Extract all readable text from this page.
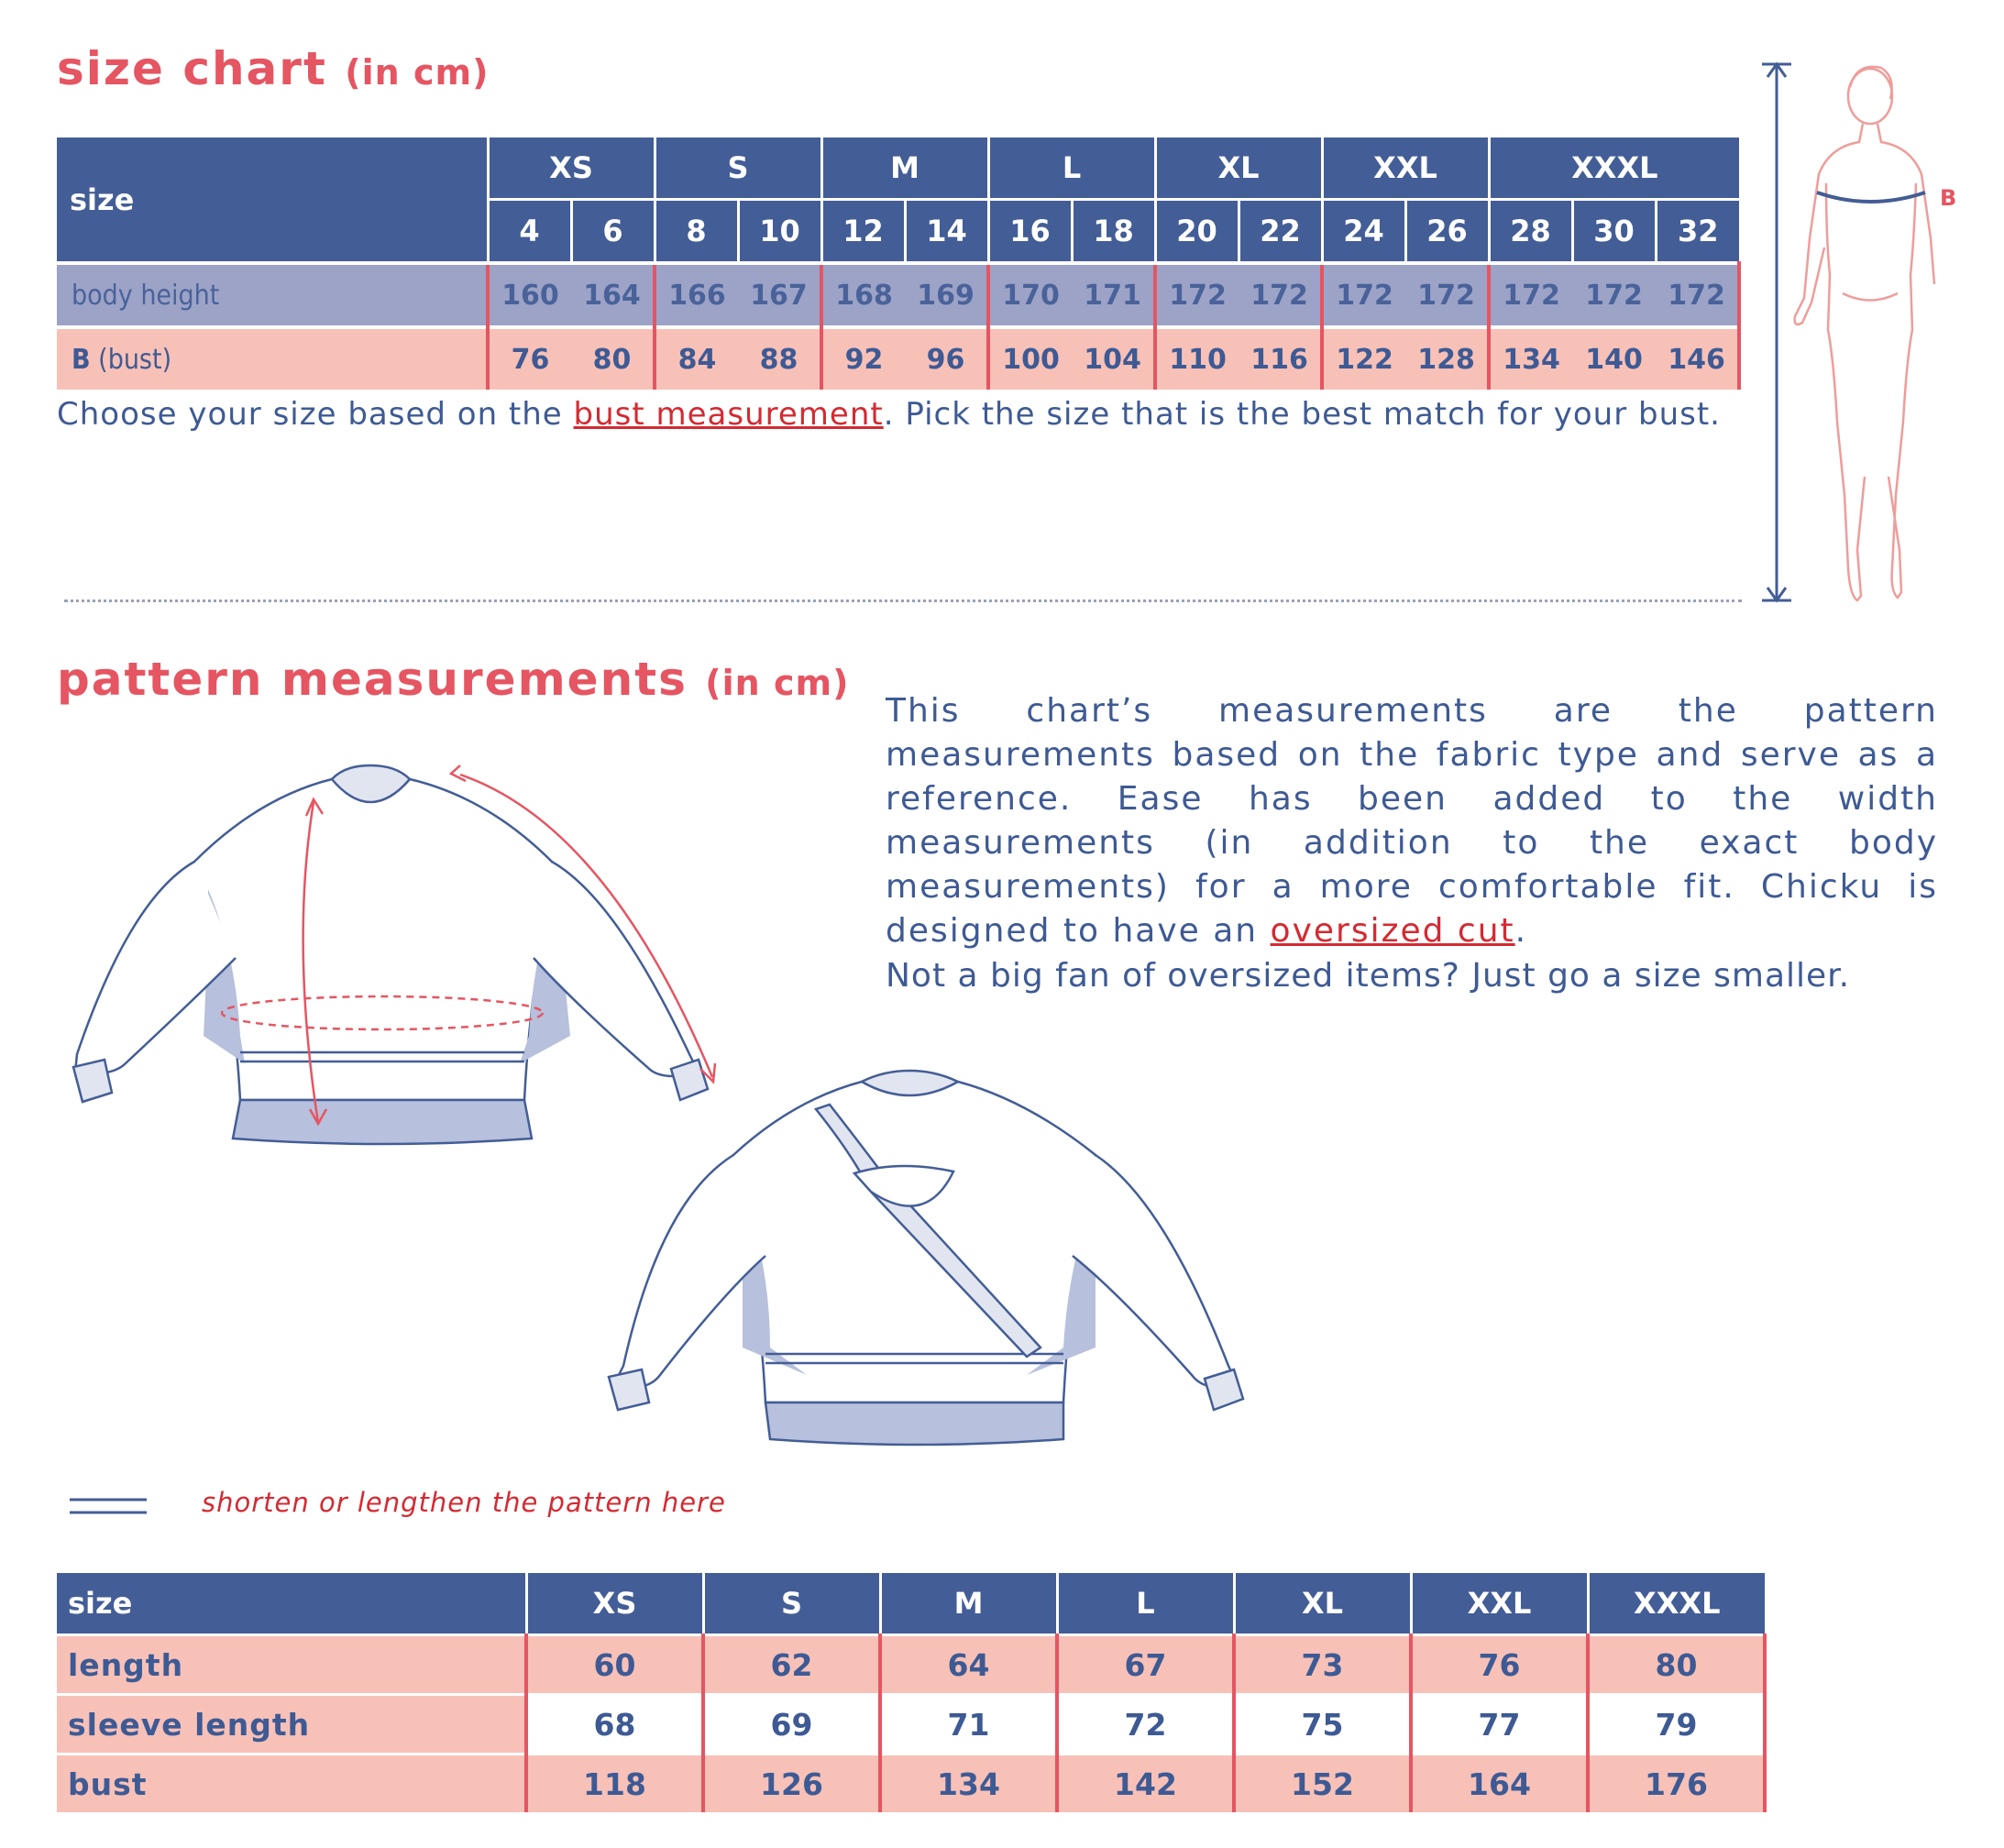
size chart (in cm)
size	XS		S		M		L		XL		XXL		XXXL		
	4	6	8	10	12	14	16	18	20	22	24	26	28	30	32
body height	160	164	166	167	168	169	170	171	172	172	172	172	172	172	172
B (bust)	76	80	84	88	92	96	100	104	110	116	122	128	134	140	146
Choose your size based on the bust measurement. Pick the size that is the best match for your bust.
B
pattern measurements (in cm)
This chart’s measurements are the pattern measurements based on the fabric type and serve as a reference. Ease has been added to the width measurements (in addition to the exact body measurements) for a more comfortable fit. Chicku is designed to have an oversized cut.
Not a big fan of oversized items? Just go a size smaller.
shorten or lengthen the pattern here
size	XS	S	M	L	XL	XXL	XXXL
length	60	62	64	67	73	76	80
sleeve length	68	69	71	72	75	77	79
bust	118	126	134	142	152	164	176
